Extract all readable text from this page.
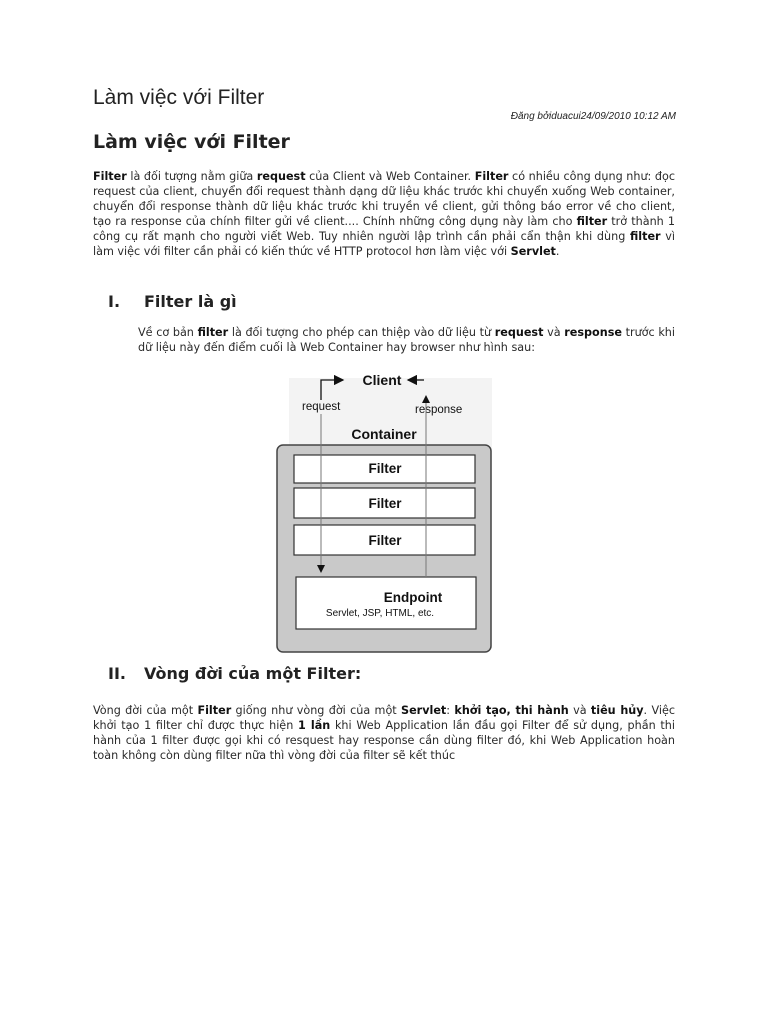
Làm việc với Filter
Đăng bởiduacui24/09/2010 10:12 AM
Làm việc với Filter
Filter là đối tượng nằm giữa request của Client và Web Container. Filter có nhiều công dụng như: đọc request của client, chuyển đổi request thành dạng dữ liệu khác trước khi chuyển xuống Web container, chuyển đổi response thành dữ liệu khác trước khi truyền về client, gửi thông báo error về cho client, tạo ra response của chính filter gửi về client.... Chính những công dụng này làm cho filter trở thành 1 công cụ rất mạnh cho người viết Web. Tuy nhiên người lập trình cần phải cẩn thận khi dùng filter vì làm việc với filter cần phải có kiến thức về HTTP protocol hơn làm việc với Servlet.
I. Filter là gì
Về cơ bản filter là đối tượng cho phép can thiệp vào dữ liệu từ request và response trước khi dữ liệu này đến điểm cuối là Web Container hay browser như hình sau:
Container
Client
request	response
Filter
Filter
Filter
Endpoint
Servlet, JSP, HTML, etc.
II. Vòng đời của một Filter:
Vòng đời của một Filter giống như vòng đời của một Servlet: khởi tạo, thi hành và tiêu hủy. Việc khởi tạo 1 filter chỉ được thực hiện 1 lần khi Web Application lần đầu gọi Filter để sử dụng, phần thi hành của 1 filter được gọi khi có resquest hay response cần dùng filter đó, khi Web Application hoàn toàn không còn dùng filter nữa thì vòng đời của filter sẽ kết thúc
